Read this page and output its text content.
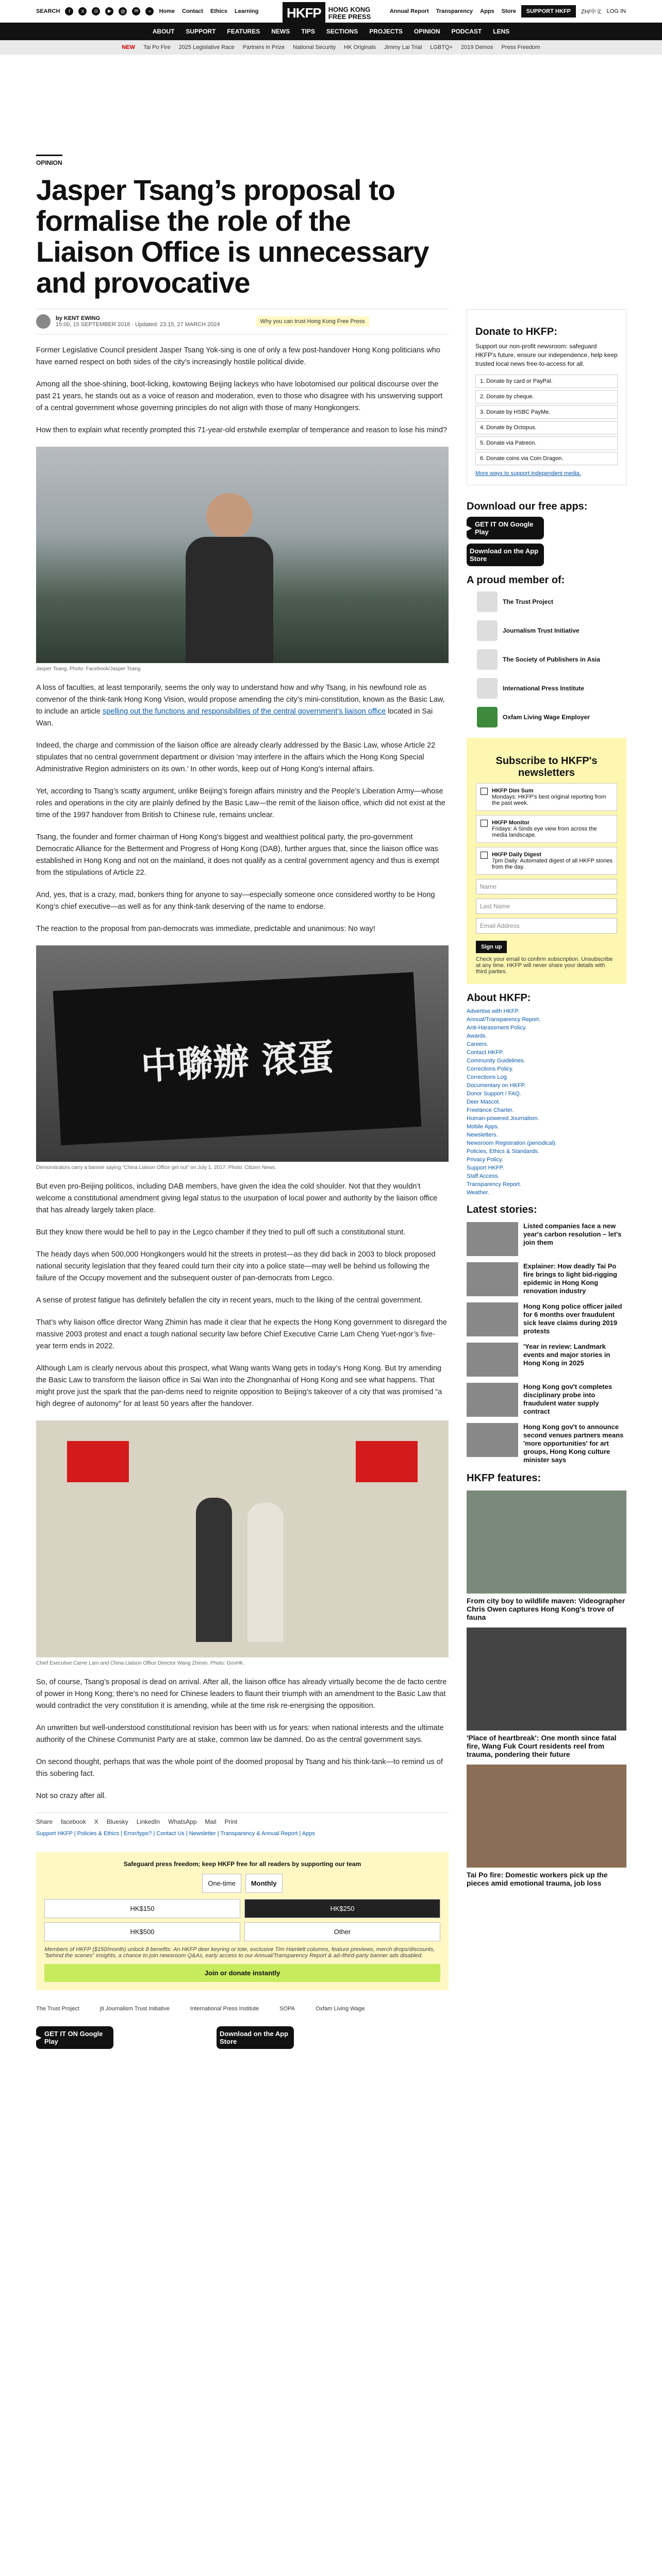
SEARCH	f	X	◎	▶	@	✉	≈	Home Contact Ethics Learning	Annual Report Transparency Apps Store	SUPPORT HKFP	ZH/中文 LOG IN
HKFP	HONG KONG
FREE PRESS
ABOUT SUPPORT FEATURES NEWS TIPS SECTIONS PROJECTS OPINION PODCAST LENS
NEW Tai Po Fire 2025 Legislative Race Partners in Prize National Security HK Originals Jimmy Lai Trial LGBTQ+ 2019 Demos Press Freedom
OPINION
Jasper Tsang’s proposal to formalise the role of the Liaison Office is unnecessary and provocative
by KENT EWING
15:00, 15 SEPTEMBER 2018 · Updated: 23:15, 27 MARCH 2024	Why you can trust Hong Kong Free Press

Former Legislative Council president Jasper Tsang Yok-sing is one of only a few post-handover Hong Kong politicians who have earned respect on both sides of the city’s increasingly hostile political divide.

Among all the shoe-shining, boot-licking, kowtowing Beijing lackeys who have lobotomised our political discourse over the past 21 years, he stands out as a voice of reason and moderation, even to those who disagree with his unswerving support of a central government whose governing principles do not align with those of many Hongkongers.

How then to explain what recently prompted this 71-year-old erstwhile exemplar of temperance and reason to lose his mind?

Jasper Tsang. Photo: Facebook/Jasper Tsang

A loss of faculties, at least temporarily, seems the only way to understand how and why Tsang, in his newfound role as convenor of the think-tank Hong Kong Vision, would propose amending the city’s mini-constitution, known as the Basic Law, to include an article spelling out the functions and responsibilities of the central government’s liaison office located in Sai Wan.

Indeed, the charge and commission of the liaison office are already clearly addressed by the Basic Law, whose Article 22 stipulates that no central government department or division ‘may interfere in the affairs which the Hong Kong Special Administrative Region administers on its own.’ In other words, keep out of Hong Kong’s internal affairs.

Yet, according to Tsang’s scatty argument, unlike Beijing’s foreign affairs ministry and the People’s Liberation Army—whose roles and operations in the city are plainly defined by the Basic Law—the remit of the liaison office, which did not exist at the time of the 1997 handover from British to Chinese rule, remains unclear.

Tsang, the founder and former chairman of Hong Kong’s biggest and wealthiest political party, the pro-government Democratic Alliance for the Betterment and Progress of Hong Kong (DAB), further argues that, since the liaison office was established in Hong Kong and not on the mainland, it does not qualify as a central government agency and thus is exempt from the stipulations of Article 22.

And, yes, that is a crazy, mad, bonkers thing for anyone to say—especially someone once considered worthy to be Hong Kong’s chief executive—as well as for any think-tank deserving of the name to endorse.

The reaction to the proposal from pan-democrats was immediate, predictable and unanimous: No way!

中聯辦 滾蛋
Demonstrators carry a banner saying “China Liaison Office get out” on July 1, 2017. Photo: Citizen News.

But even pro-Beijing politicos, including DAB members, have given the idea the cold shoulder. Not that they wouldn’t welcome a constitutional amendment giving legal status to the usurpation of local power and authority by the liaison office that has already largely taken place.

But they know there would be hell to pay in the Legco chamber if they tried to pull off such a constitutional stunt.

The heady days when 500,000 Hongkongers would hit the streets in protest—as they did back in 2003 to block proposed national security legislation that they feared could turn their city into a police state—may well be behind us following the failure of the Occupy movement and the subsequent ouster of pan-democrats from Legco.

A sense of protest fatigue has definitely befallen the city in recent years, much to the liking of the central government.

That’s why liaison office director Wang Zhimin has made it clear that he expects the Hong Kong government to disregard the massive 2003 protest and enact a tough national security law before Chief Executive Carrie Lam Cheng Yuet-ngor’s five-year term ends in 2022.

Although Lam is clearly nervous about this prospect, what Wang wants Wang gets in today’s Hong Kong. But try amending the Basic Law to transform the liaison office in Sai Wan into the Zhongnanhai of Hong Kong and see what happens. That might prove just the spark that the pan-dems need to reignite opposition to Beijing’s takeover of a city that was promised “a high degree of autonomy” for at least 50 years after the handover.

Chief Executive Carrie Lam and China Liaison Office Director Wang Zhimin. Photo: GovHK.

So, of course, Tsang’s proposal is dead on arrival. After all, the liaison office has already virtually become the de facto centre of power in Hong Kong; there’s no need for Chinese leaders to flaunt their triumph with an amendment to the Basic Law that would contradict the very constitution it is amending, while at the time risk re-energising the opposition.

An unwritten but well-understood constitutional revision has been with us for years: when national interests and the ultimate authority of the Chinese Communist Party are at stake, common law be damned. Do as the central government says.

On second thought, perhaps that was the whole point of the doomed proposal by Tsang and his think-tank—to remind us of this sobering fact.

Not so crazy after all.

Share facebook X Bluesky LinkedIn WhatsApp Mail Print
Support HKFP | Policies & Ethics | Error/typo? | Contact Us | Newsletter | Transparency & Annual Report | Apps
Safeguard press freedom; keep HKFP free for all readers by supporting our team
One-time	Monthly
HK$150	HK$250
HK$500	Other
Members of HKFP ($150/month) unlock 8 benefits: An HKFP deer keyring or tote, exclusive Tim Hamlett columns, feature previews, merch drops/discounts, "behind the scenes" insights, a chance to join newsroom Q&As, early access to our Annual/Transparency Report & ad-/third-party banner ads disabled.
Join or donate instantly
The Trust Project	jti Journalism Trust Initiative	International Press Institute	SOPA	Oxfam Living Wage
▶ GET IT ON Google Play
Download on the App Store
Donate to HKFP:
Support our non-profit newsroom: safeguard HKFP's future, ensure our independence, help keep trusted local news free-to-access for all.
1. Donate by card or PayPal.
2. Donate by cheque.
3. Donate by HSBC PayMe.
4. Donate by Octopus.
5. Donate via Patreon.
6. Donate coins via Coin Dragon.
More ways to support independent media.
Download our free apps:
▶ GET IT ON Google Play
Download on the App Store
A proud member of:
The Trust Project
Journalism Trust Initiative
The Society of Publishers in Asia
International Press Institute
Oxfam Living Wage Employer
Subscribe to HKFP's newsletters
HKFP Dim Sum
Mondays: HKFP's best original reporting from the past week.
HKFP Monitor
Fridays: A Sinds eye view from across the media landscape.
HKFP Daily Digest
7pm Daily: Automated digest of all HKFP stories from the day.
Name
Last Name
Email Address
Sign up
Check your email to confirm subscription. Unsubscribe at any time. HKFP will never share your details with third parties.
About HKFP:
Advertise with HKFP.
Annual/Transparency Report.
Anti-Harassment Policy.
Awards.
Careers.
Contact HKFP.
Community Guidelines.
Corrections Policy.
Corrections Log.
Documentary on HKFP.
Donor Support / FAQ.
Deer Mascot.
Freelance Charter.
Human-powered Journalism.
Mobile Apps.
Newsletters.
Newsroom Registration (periodical).
Policies, Ethics & Standards.
Privacy Policy.
Support HKFP.
Staff Access.
Transparency Report.
Weather.
Latest stories:
Listed companies face a new year's carbon resolution – let's join them
Explainer: How deadly Tai Po fire brings to light bid-rigging epidemic in Hong Kong renovation industry
Hong Kong police officer jailed for 6 months over fraudulent sick leave claims during 2019 protests
'Year in review: Landmark events and major stories in Hong Kong in 2025
Hong Kong gov't completes disciplinary probe into fraudulent water supply contract
Hong Kong gov't to announce second venues partners means 'more opportunities' for art groups, Hong Kong culture minister says
HKFP features:
From city boy to wildlife maven: Videographer Chris Owen captures Hong Kong's trove of fauna
'Place of heartbreak': One month since fatal fire, Wang Fuk Court residents reel from trauma, pondering their future
Tai Po fire: Domestic workers pick up the pieces amid emotional trauma, job loss
